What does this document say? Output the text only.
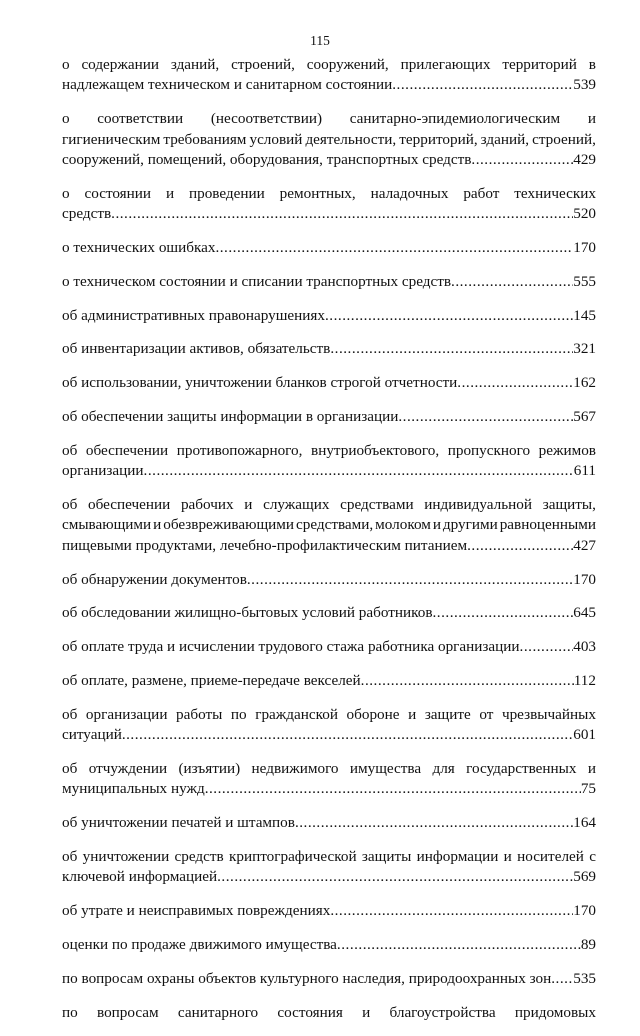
115
о содержании зданий, строений, сооружений, прилегающих территорий в
надлежащем техническом и санитарном состоянии .....	539
о соответствии (несоответствии) санитарно-эпидемиологическим и
гигиеническим требованиям условий деятельности, территорий, зданий, строений,
сооружений, помещений, оборудования, транспортных средств .....	429
о состоянии и проведении ремонтных, наладочных работ технических
средств .....	520
о технических ошибках .....	170
о техническом состоянии и списании транспортных средств .....	555
об административных правонарушениях .....	145
об инвентаризации активов, обязательств .....	321
об использовании, уничтожении бланков строгой отчетности .....	162
об обеспечении защиты информации в организации .....	567
об обеспечении противопожарного, внутриобъектового, пропускного режимов
организации .....	611
об обеспечении рабочих и служащих средствами индивидуальной защиты,
смывающими и обезвреживающими средствами, молоком и другими равноценными
пищевыми продуктами, лечебно-профилактическим питанием .....	427
об обнаружении документов .....	170
об обследовании жилищно-бытовых условий работников .....	645
об оплате труда и исчислении трудового стажа работника организации .....	403
об оплате, размене, приеме-передаче векселей .....	112
об организации работы по гражданской обороне и защите от чрезвычайных
ситуаций .....	601
об отчуждении (изъятии) недвижимого имущества для государственных и
муниципальных нужд .....	75
об уничтожении печатей и штампов .....	164
об уничтожении средств криптографической защиты информации и носителей с
ключевой информацией .....	569
об утрате и неисправимых повреждениях .....	170
оценки по продаже движимого имущества .....	89
по вопросам охраны объектов культурного наследия, природоохранных зон ..... 535
по вопросам санитарного состояния и благоустройства придомовых
